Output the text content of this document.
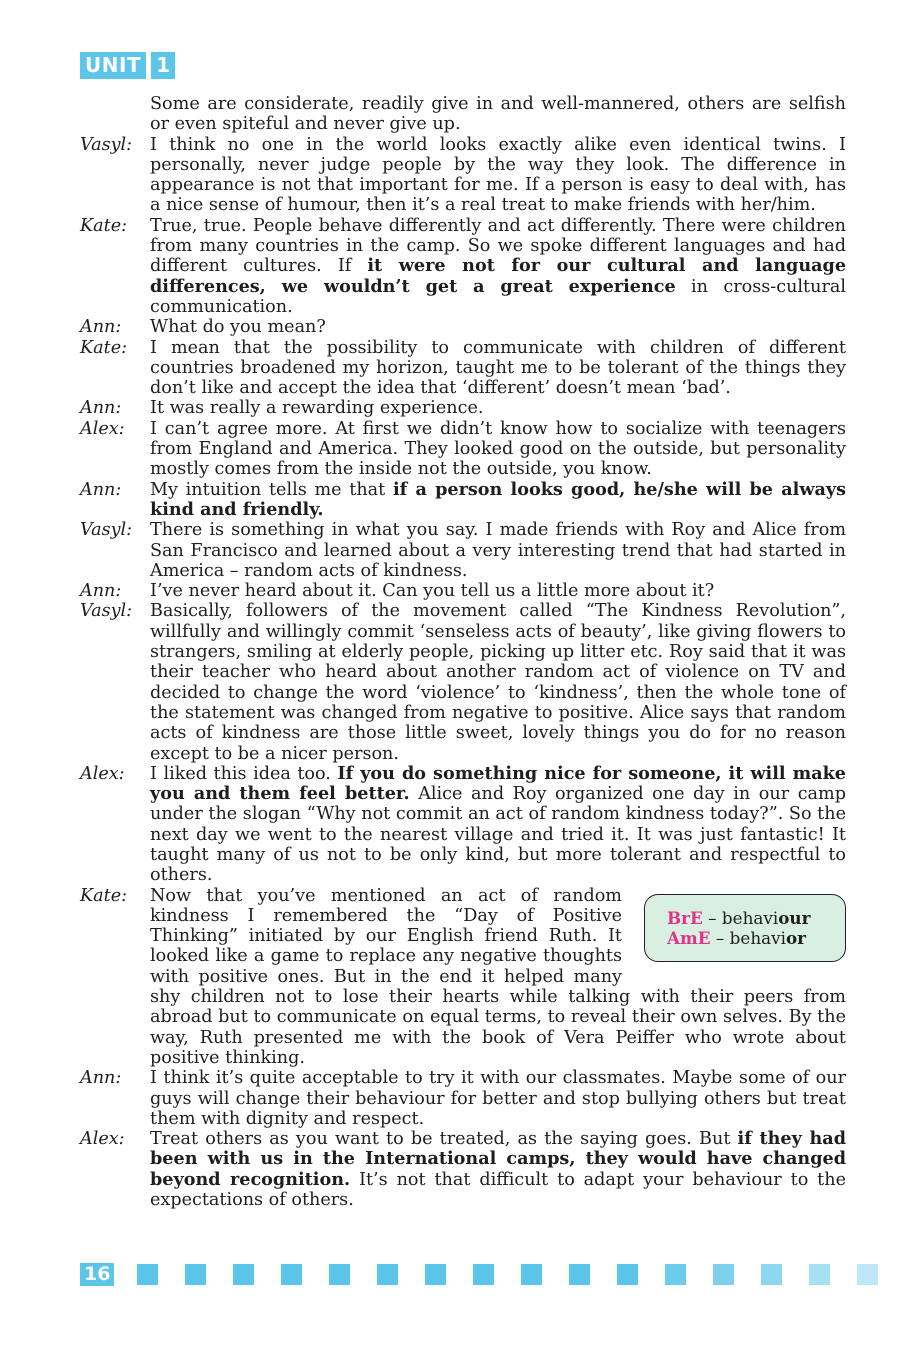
UNIT 1
Some are considerate, readily give in and well-mannered, others are selfish or even spiteful and never give up.
Vasyl:	I think no one in the world looks exactly alike even identical twins. I personally, never judge people by the way they look. The difference in appearance is not that important for me. If a person is easy to deal with, has a nice sense of humour, then it’s a real treat to make friends with her/him.
Kate:	True, true. People behave differently and act differently. There were children from many countries in the camp. So we spoke different languages and had different cultures. If it were not for our cultural and language differences, we wouldn’t get a great experience in cross-cultural communication.
Ann:	What do you mean?
Kate:	I mean that the possibility to communicate with children of different countries broadened my horizon, taught me to be tolerant of the things they don’t like and accept the idea that ‘different’ doesn’t mean ‘bad’.
Ann:	It was really a rewarding experience.
Alex:	I can’t agree more. At first we didn’t know how to socialize with teenagers from England and America. They looked good on the outside, but personality mostly comes from the inside not the outside, you know.
Ann:	My intuition tells me that if a person looks good, he/she will be always kind and friendly.
Vasyl:	There is something in what you say. I made friends with Roy and Alice from San Francisco and learned about a very interesting trend that had started in America – random acts of kindness.
Ann:	I’ve never heard about it. Can you tell us a little more about it?
Vasyl:	Basically, followers of the movement called “The Kindness Revolution”, willfully and willingly commit ‘senseless acts of beauty’, like giving flowers to strangers, smiling at elderly people, picking up litter etc. Roy said that it was their teacher who heard about another random act of violence on TV and decided to change the word ‘violence’ to ‘kindness’, then the whole tone of the statement was changed from negative to positive. Alice says that random acts of kindness are those little sweet, lovely things you do for no reason except to be a nicer person.
Alex:	I liked this idea too. If you do something nice for someone, it will make you and them feel better. Alice and Roy organized one day in our camp under the slogan “Why not commit an act of random kindness today?”. So the next day we went to the nearest village and tried it. It was just fantastic! It taught many of us not to be only kind, but more tolerant and respectful to others.
Kate:
BrE – behaviour
AmE – behavior
Now that you’ve mentioned an act of random kindness I remembered the “Day of Positive Thinking” initiated by our English friend Ruth. It looked like a game to replace any negative thoughts with positive ones. But in the end it helped many shy children not to lose their hearts while talking with their peers from abroad but to communicate on equal terms, to reveal their own selves. By the way, Ruth presented me with the book of Vera Peiffer who wrote about positive thinking.
Ann:	I think it’s quite acceptable to try it with our classmates. Maybe some of our guys will change their behaviour for better and stop bullying others but treat them with dignity and respect.
Alex:	Treat others as you want to be treated, as the saying goes. But if they had been with us in the International camps, they would have changed beyond recognition. It’s not that difficult to adapt your behaviour to the expectations of others.
16
